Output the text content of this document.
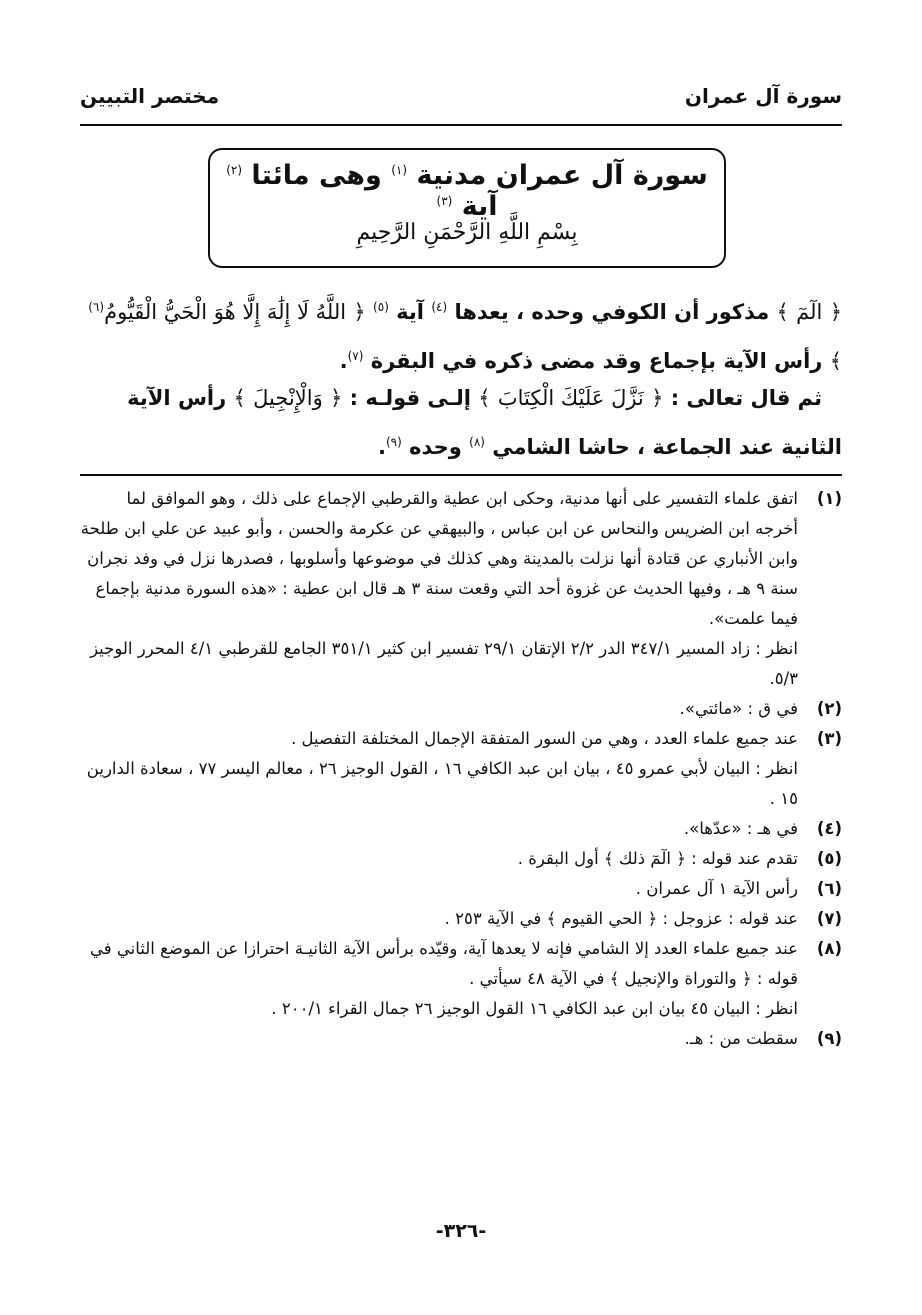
سورة آل عمران
مختصر التبيين
سورة آل عمران مدنية $^{(١)}$ وهى مائتا $^{(٢)}$ آية $^{(٣)}$
بِسْمِ اللَّهِ الرَّحْمَنِ الرَّحِيمِ

﴿ الٓمٓ ﴾ مذكور أن الكوفي وحده ، يعدها $^{(٤)}$ آية $^{(٥)}$ ﴿ اللَّهُ لَا إِلَٰهَ إِلَّا هُوَ الْحَيُّ الْقَيُّومُ$^{(٦)}$ ﴾ رأس الآية بإجماع وقد مضى ذكره في البقرة $^{(٧)}$.

ثم قال تعالى : ﴿ نَزَّلَ عَلَيْكَ الْكِتَابَ ﴾ إلـى قولـه : ﴿ وَالْإِنْجِيلَ ﴾ رأس الآية الثانية عند الجماعة ، حاشا الشامي $^{(٨)}$ وحده $^{(٩)}$.

(١)

اتفق علماء التفسير على أنها مدنية، وحكى ابن عطية والقرطبي الإجماع على ذلك ، وهو الموافق لما أخرجه ابن الضريس والنحاس عن ابن عباس ، والبيهقي عن عكرمة والحسن ، وأبو عبيد عن علي ابن طلحة وابن الأنباري عن قتادة أنها نزلت بالمدينة وهي كذلك في موضوعها وأسلوبها ، فصدرها نزل في وفد نجران سنة ٩ هـ ، وفيها الحديث عن غزوة أحد التي وقعت سنة ٣ هـ قال ابن عطية : «هذه السورة مدنية بإجماع فيما علمت».

انظر : زاد المسير ٣٤٧/١ الدر ٢/٢ الإتقان ٢٩/١ تفسير ابن كثير ٣٥١/١ الجامع للقرطبي ٤/١ المحرر الوجيز ٥/٣.

(٢)

في ق : «مائتي».

(٣)

عند جميع علماء العدد ، وهي من السور المتفقة الإجمال المختلفة التفصيل .

انظر : البيان لأبي عمرو ٤٥ ، بيان ابن عبد الكافي ١٦ ، القول الوجيز ٢٦ ، معالم اليسر ٧٧ ، سعادة الدارين ١٥ .

(٤)

في هـ : «عدّها».

(٥)

تقدم عند قوله : ﴿ الٓمٓ ذلك ﴾ أول البقرة .

(٦)

رأس الآية ١ آل عمران .

(٧)

عند قوله : عزوجل : ﴿ الحي القيوم ﴾ في الآية ٢٥٣ .

(٨)

عند جميع علماء العدد إلا الشامي فإنه لا يعدها آية، وقيّده برأس الآية الثانيـة احترازا عن الموضع الثاني في قوله : ﴿ والتوراة والإنجيل ﴾ في الآية ٤٨ سيأتي .

انظر : البيان ٤٥ بيان ابن عبد الكافي ١٦ القول الوجيز ٢٦ جمال القراء ٢٠٠/١ .

(٩)

سقطت من : هـ.

-٣٢٦-
